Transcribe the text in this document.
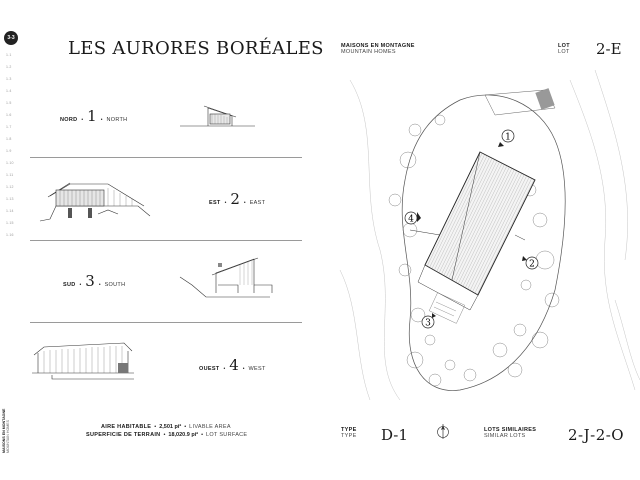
3-3
1.1
1.2
1.3
1.4
1.5
1.6
1.7
1.8
1.9
1.10
1.11
1.12
1.13
1.14
1.15
1.16
MAISONS EN MONTAGNE MOUNTAIN HOMES
LES AURORES BORÉALES	MAISONS EN MONTAGNE
MOUNTAIN HOMES
LOT
LOT 2-E
NORD • 1 • NORTH
EST • 2 • EAST
SUD • 3 • SOUTH
OUEST • 4 • WEST
1
2
3
4
AIRE HABITABLE • 2,501 pi² • LIVABLE AREA
SUPERFICIE DE TERRAIN • 18,020.9 pi² • LOT SURFACE
TYPE
TYPE D-1	LOTS SIMILAIRES
SIMILAR LOTS	2-J-2-O
